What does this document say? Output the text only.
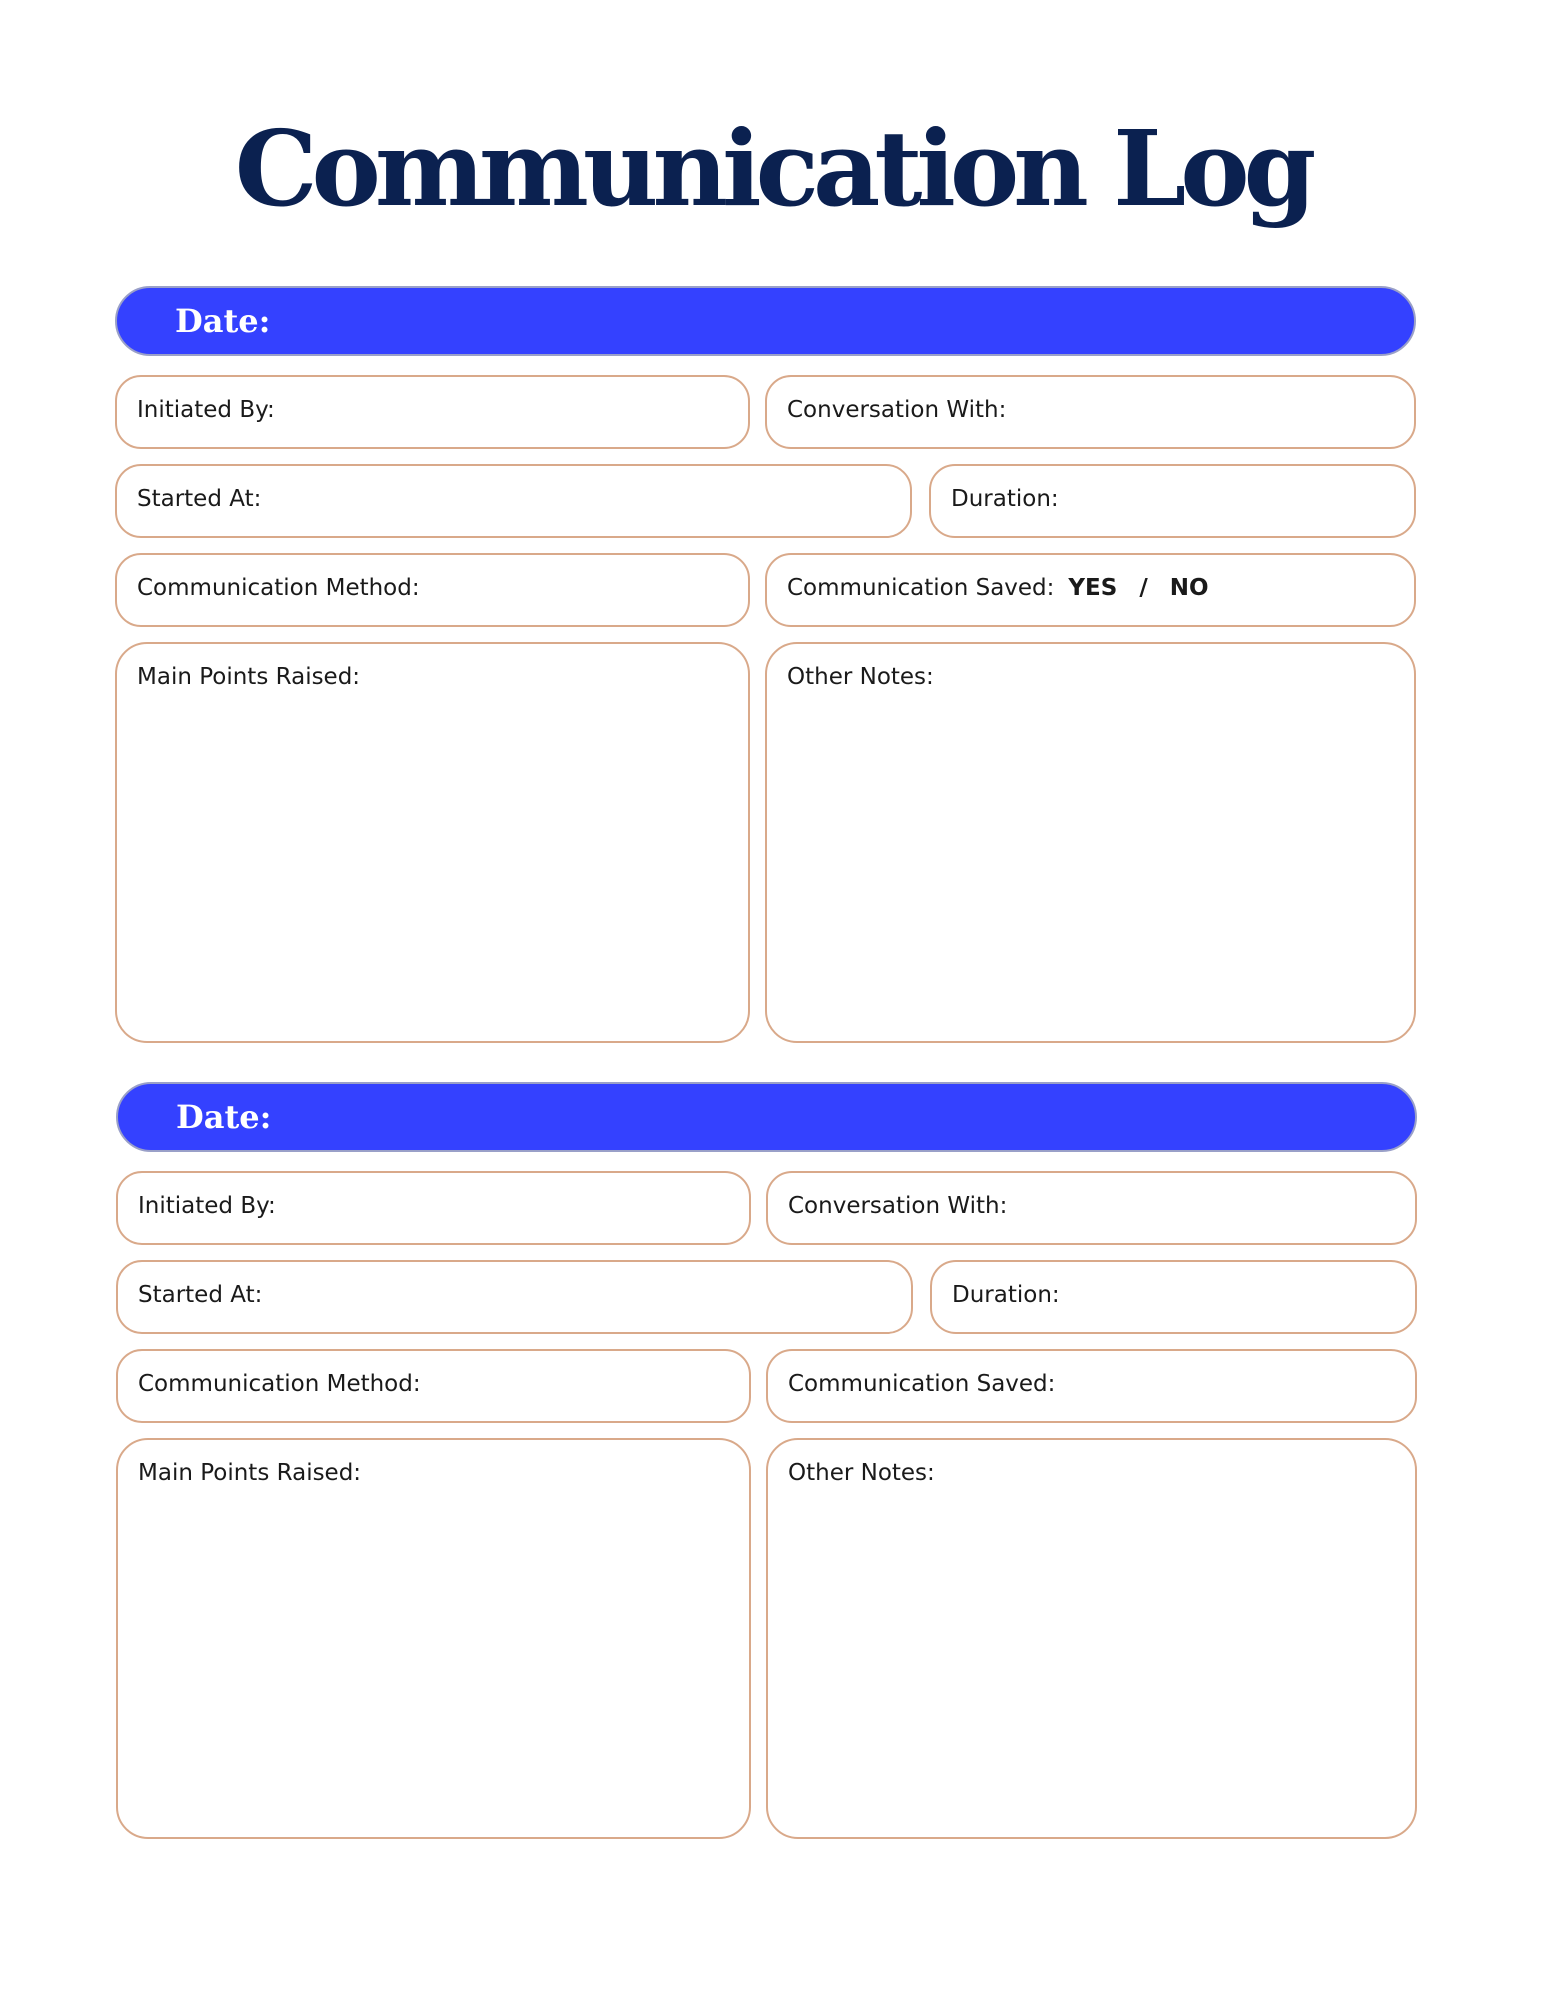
Communication Log
Date:
Initiated By:	Conversation With:
Started At:	Duration:
Communication Method:	Communication Saved: YES / NO
Main Points Raised:	Other Notes:
Date:
Initiated By:	Conversation With:
Started At:	Duration:
Communication Method:	Communication Saved:
Main Points Raised:	Other Notes:
